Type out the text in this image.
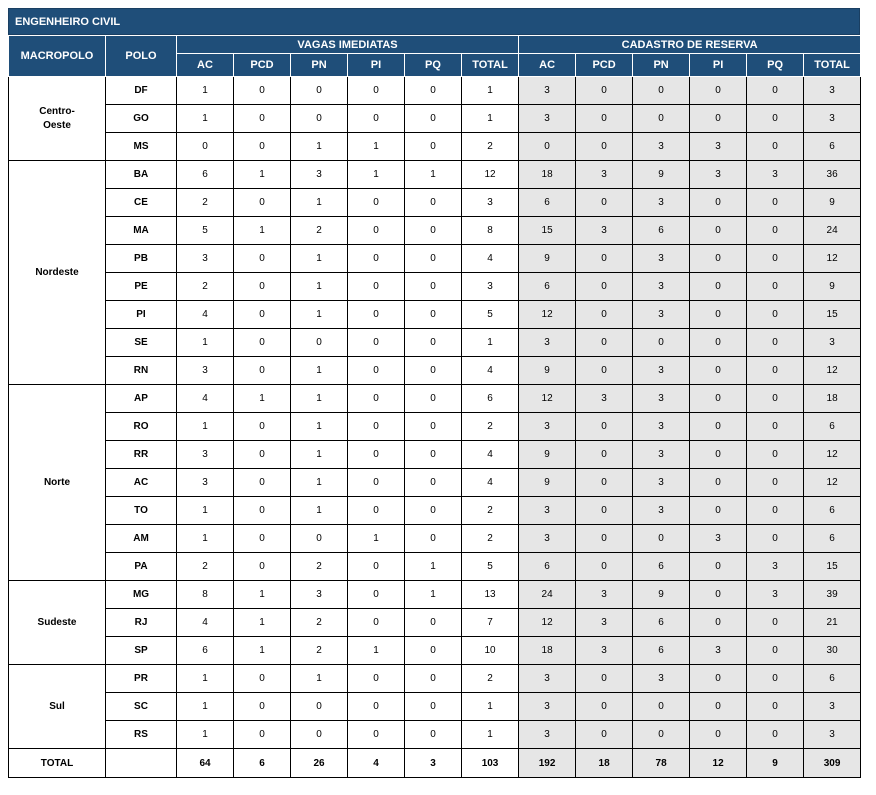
ENGENHEIRO CIVIL
MACROPOLO	POLO	VAGAS IMEDIATAS						CADASTRO DE RESERVA					
		AC	PCD	PN	PI	PQ	TOTAL	AC	PCD	PN	PI	PQ	TOTAL
Centro-Oeste	DF	1	0	0	0	0	1	3	0	0	0	0	3
	GO	1	0	0	0	0	1	3	0	0	0	0	3
	MS	0	0	1	1	0	2	0	0	3	3	0	6
Nordeste	BA	6	1	3	1	1	12	18	3	9	3	3	36
	CE	2	0	1	0	0	3	6	0	3	0	0	9
	MA	5	1	2	0	0	8	15	3	6	0	0	24
	PB	3	0	1	0	0	4	9	0	3	0	0	12
	PE	2	0	1	0	0	3	6	0	3	0	0	9
	PI	4	0	1	0	0	5	12	0	3	0	0	15
	SE	1	0	0	0	0	1	3	0	0	0	0	3
	RN	3	0	1	0	0	4	9	0	3	0	0	12
Norte	AP	4	1	1	0	0	6	12	3	3	0	0	18
	RO	1	0	1	0	0	2	3	0	3	0	0	6
	RR	3	0	1	0	0	4	9	0	3	0	0	12
	AC	3	0	1	0	0	4	9	0	3	0	0	12
	TO	1	0	1	0	0	2	3	0	3	0	0	6
	AM	1	0	0	1	0	2	3	0	0	3	0	6
	PA	2	0	2	0	1	5	6	0	6	0	3	15
Sudeste	MG	8	1	3	0	1	13	24	3	9	0	3	39
	RJ	4	1	2	0	0	7	12	3	6	0	0	21
	SP	6	1	2	1	0	10	18	3	6	3	0	30
Sul	PR	1	0	1	0	0	2	3	0	3	0	0	6
	SC	1	0	0	0	0	1	3	0	0	0	0	3
	RS	1	0	0	0	0	1	3	0	0	0	0	3
TOTAL		64	6	26	4	3	103	192	18	78	12	9	309
